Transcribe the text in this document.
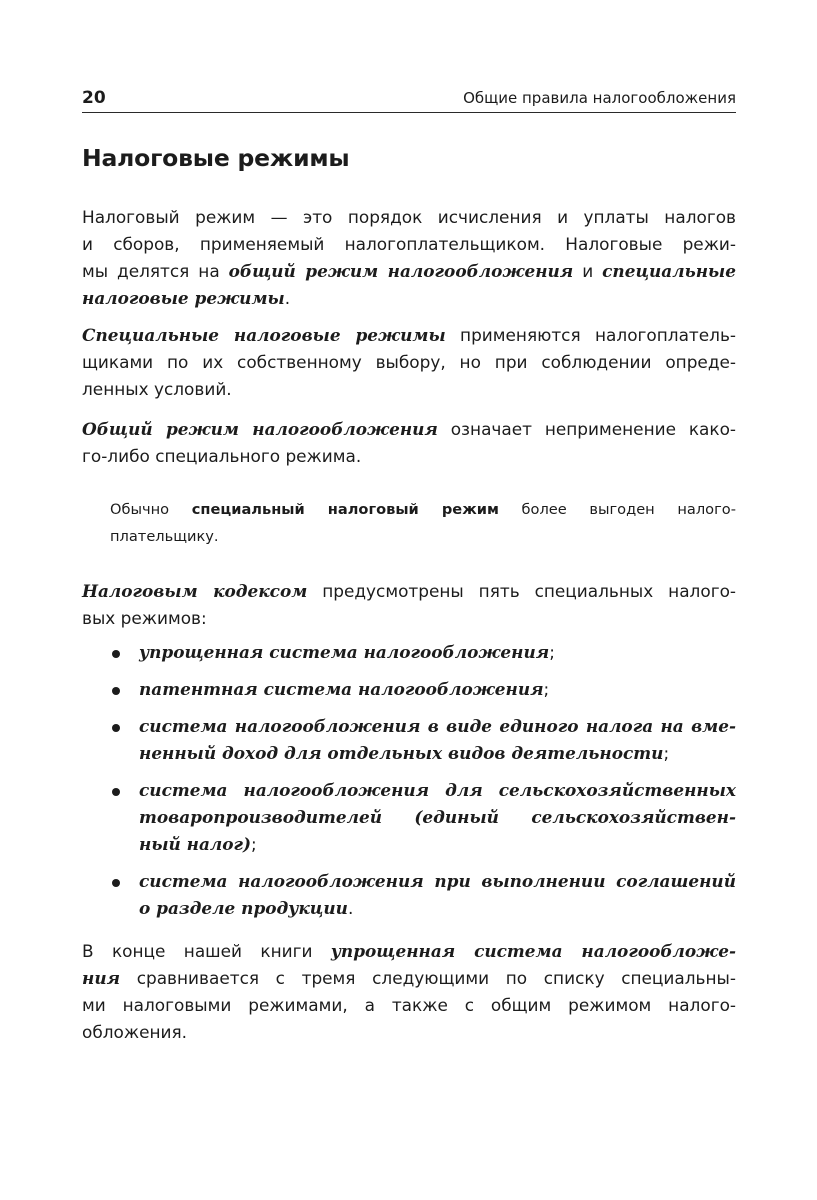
20	Общие правила налогообложения
Налоговые режимы

Налоговый режим — это порядок исчисления и уплаты налогов
и сборов, применяемый налогоплательщиком. Налоговые режи-
мы делятся на общий режим налогообложения и специальные
налоговые режимы.

Специальные налоговые режимы применяются налогоплатель-
щиками по их собственному выбору, но при соблюдении опреде-
ленных условий.

Общий режим налогообложения означает неприменение како-
го-либо специального режима.

Обычно специальный налоговый режим более выгоден налого-
плательщику.

Налоговым кодексом предусмотрены пять специальных налого-
вых режимов:

упрощенная система налогообложения;
патентная система налогообложения;
система налогообложения в виде единого налога на вме-
ненный доход для отдельных видов деятельности;
система налогообложения для сельскохозяйственных
товаропроизводителей (единый сельскохозяйствен-
ный налог);
система налогообложения при выполнении соглашений
о разделе продукции.

В конце нашей книги упрощенная система налогообложе-
ния сравнивается с тремя следующими по списку специальны-
ми налоговыми режимами, а также с общим режимом налого-
обложения.
